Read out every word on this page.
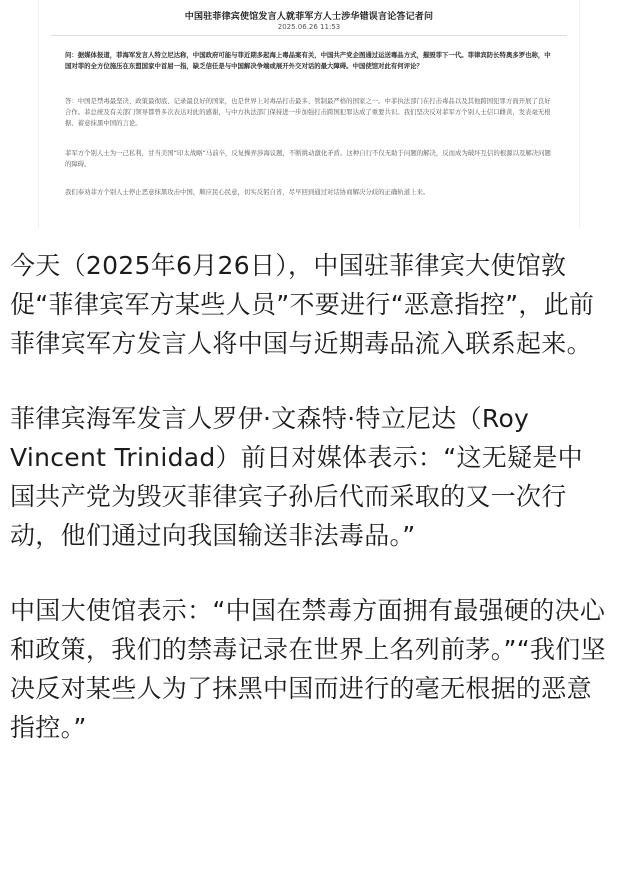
中国驻菲律宾使馆发言人就菲军方人士涉华错误言论答记者问
2025.06.26 11:53

问：据媒体报道，菲海军发言人特立尼达称，中国政府可能与菲近期多起海上毒品案有关，中国共产党企图通过运送毒品方式，摧毁菲下一代。菲律宾防长特奥多罗也称，中国对菲的全方位施压在东盟国家中首屈一指，缺乏信任是与中国解决争端或展开外交对话的最大障碍。中国使馆对此有何评论？

答：中国是禁毒最坚决、政策最彻底、记录最良好的国家，也是世界上对毒品打击最多、管制最严格的国家之一。中菲执法部门在打击毒品以及其他跨国犯罪方面开展了良好合作。菲总统及有关部门领导都曾多次表达对此的感谢，与中方执法部门保持进一步加强打击跨国犯罪达成了重要共识。我们坚决反对菲军方个别人士信口雌黄，发表毫无根据、蓄意抹黑中国的言论。

菲军方个别人士为一己私利，甘当美国“印太战略”马前卒，反复操弄涉海议题，不断挑动激化矛盾。这种自行不仅无助于问题的解决，反而成为破坏互信的根源以及解决问题的障碍。

我们奉劝菲方个别人士停止恶意抹黑攻击中国，顺应民心民意，切实反躬自省，尽早回到通过对话协商解决分歧的正确轨道上来。

今天（2025年6月26日），中国驻菲律宾大使馆敦促“菲律宾军方某些人员”不要进行“恶意指控”，此前菲律宾军方发言人将中国与近期毒品流入联系起来。

菲律宾海军发言人罗伊·文森特·特立尼达（Roy Vincent Trinidad）前日对媒体表示：“这无疑是中国共产党为毁灭菲律宾子孙后代而采取的又一次行动，他们通过向我国输送非法毒品。”

中国大使馆表示：“中国在禁毒方面拥有最强硬的决心和政策，我们的禁毒记录在世界上名列前茅。”“我们坚决反对某些人为了抹黑中国而进行的毫无根据的恶意指控。”
